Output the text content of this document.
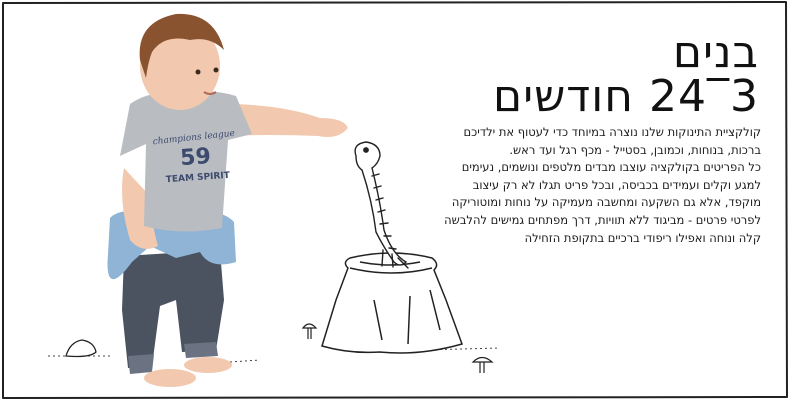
champions league
59
TEAM SPIRIT
בנים
3‾24 חודשים

קולקציית התינוקות שלנו נוצרה במיוחד כדי לעטוף את ילדיכם

ברכות, בנוחות, וכמובן, בסטייל - מכף רגל ועד ראש.

כל הפריטים בקולקציה עוצבו מבדים מלטפים ונושמים, נעימים

למגע וקלים ועמידים בכביסה, ובכל פריט תגלו לא רק עיצוב

מוקפד, אלא גם השקעה ומחשבה מעמיקה על נוחות ומוטוריקה

לפרטי פרטים - מביגוד ללא תוויות, דרך מפתחים גמישים להלבשה

קלה ונוחה ואפילו ריפודי ברכיים בתקופת הזחילה
